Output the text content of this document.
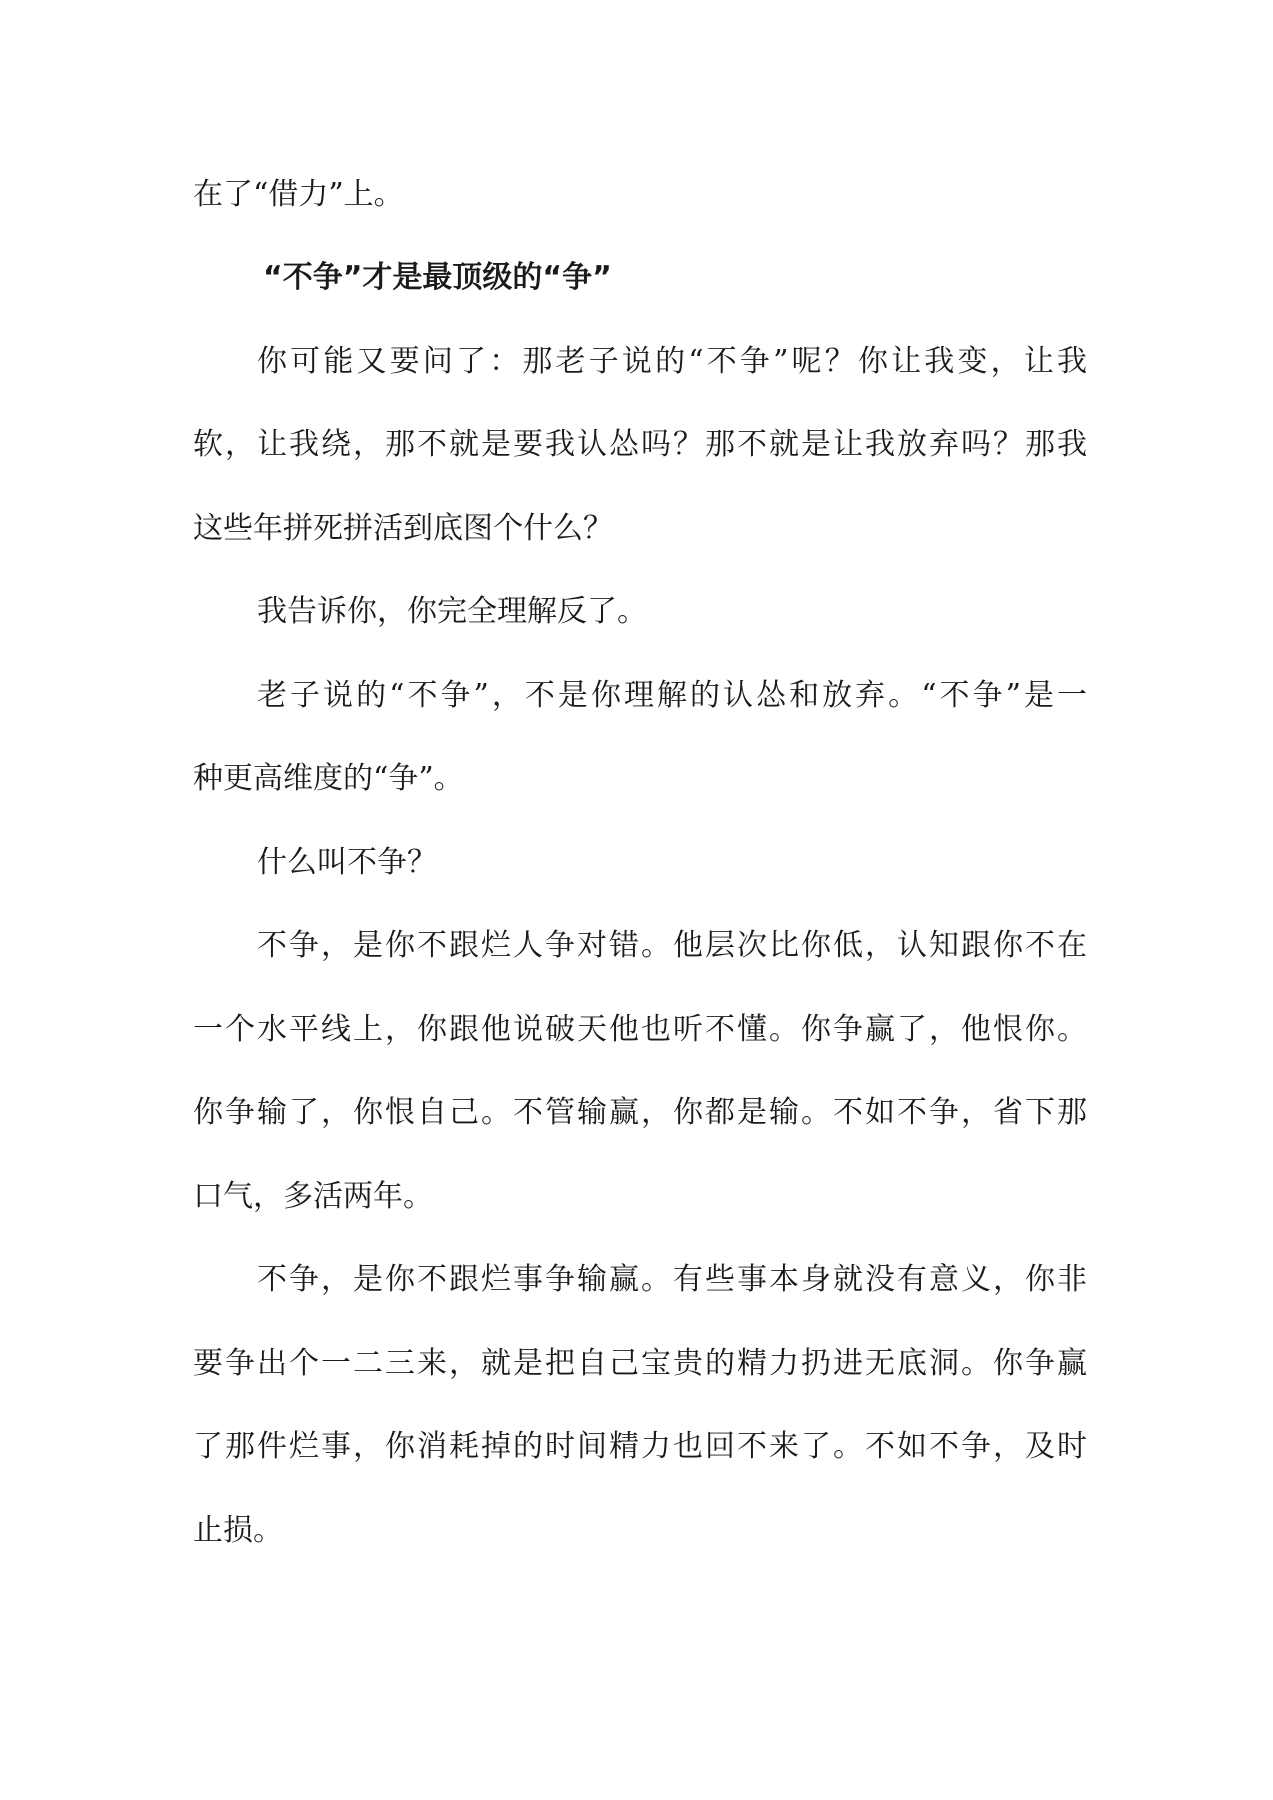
在了“借力”上。
“不争”才是最顶级的“争”
你可能又要问了：那老子说的“不争”呢？你让我变，让我
软，让我绕，那不就是要我认怂吗？那不就是让我放弃吗？那我
这些年拼死拼活到底图个什么？
我告诉你，你完全理解反了。
老子说的“不争”，不是你理解的认怂和放弃。“不争”是一
种更高维度的“争”。
什么叫不争？
不争，是你不跟烂人争对错。他层次比你低，认知跟你不在
一个水平线上，你跟他说破天他也听不懂。你争赢了，他恨你。
你争输了，你恨自己。不管输赢，你都是输。不如不争，省下那
口气，多活两年。
不争，是你不跟烂事争输赢。有些事本身就没有意义，你非
要争出个一二三来，就是把自己宝贵的精力扔进无底洞。你争赢
了那件烂事，你消耗掉的时间精力也回不来了。不如不争，及时
止损。
